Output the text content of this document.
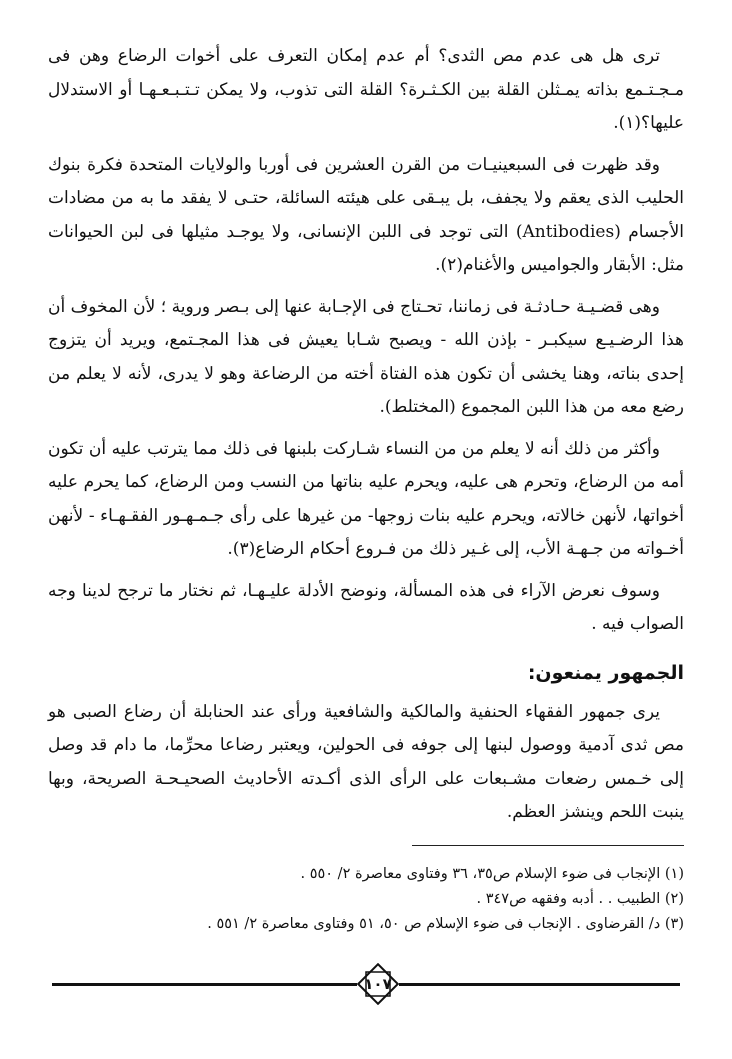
ترى هل هى عدم مص الثدى؟ أم عدم إمكان التعرف على أخوات الرضاع وهن فى مـجـتـمع بذاته يمـثلن القلة بين الكـثـرة؟ القلة التى تذوب، ولا يمكن تـتـبـعـهـا أو الاستدلال عليها؟(١).

وقد ظهرت فى السبعينيـات من القرن العشرين فى أوربا والولايات المتحدة فكرة بنوك الحليب الذى يعقم ولا يجفف، بل يبـقى على هيئته السائلة، حتـى لا يفقد ما به من مضادات الأجسام (Antibodies) التى توجد فى اللبن الإنسانى، ولا يوجـد مثيلها فى لبن الحيوانات مثل: الأبقار والجواميس والأغنام(٢).

وهى قضـيـة حـادثـة فى زماننا، تحـتاج فى الإجـابة عنها إلى بـصر وروية ؛ لأن المخوف أن هذا الرضـيـع سيكبـر - بإذن الله - ويصبح شـابا يعيش فى هذا المجـتمع، ويريد أن يتزوج إحدى بناته، وهنا يخشى أن تكون هذه الفتاة أخته من الرضاعة وهو لا يدرى، لأنه لا يعلم من رضع معه من هذا اللبن المجموع (المختلط).

وأكثر من ذلك أنه لا يعلم من من النساء شـاركت بلبنها فى ذلك مما يترتب عليه أن تكون أمه من الرضاع، وتحرم هى عليه، ويحرم عليه بناتها من النسب ومن الرضاع، كما يحرم عليه أخواتها، لأنهن خالاته، ويحرم عليه بنات زوجها- من غيرها على رأى جـمـهـور الفقـهـاء - لأنهن أخـواته من جـهـة الأب، إلى غـير ذلك من فـروع أحكام الرضاع(٣).

وسوف نعرض الآراء فى هذه المسألة، ونوضح الأدلة عليـهـا، ثم نختار ما ترجح لدينا وجه الصواب فيه .

الجمهور يمنعون:

يرى جمهور الفقهاء الحنفية والمالكية والشافعية ورأى عند الحنابلة أن رضاع الصبى هو مص ثدى آدمية ووصول لبنها إلى جوفه فى الحولين، ويعتبر رضاعا محرِّما، ما دام قد وصل إلى خـمس رضعات مشـبعات على الرأى الذى أكـدته الأحاديث الصحيـحـة الصريحة، وبها ينبت اللحم وينشز العظم.

(١) الإنجاب فى ضوء الإسلام ص٣٥، ٣٦ وفتاوى معاصرة ٢/ ٥٥٠ .

(٢) الطبيب . . أدبه وفقهه ص٣٤٧ .

(٣) د/ القرضاوى . الإنجاب فى ضوء الإسلام ص ٥٠، ٥١ وفتاوى معاصرة ٢/ ٥٥١ .

١٠٧
